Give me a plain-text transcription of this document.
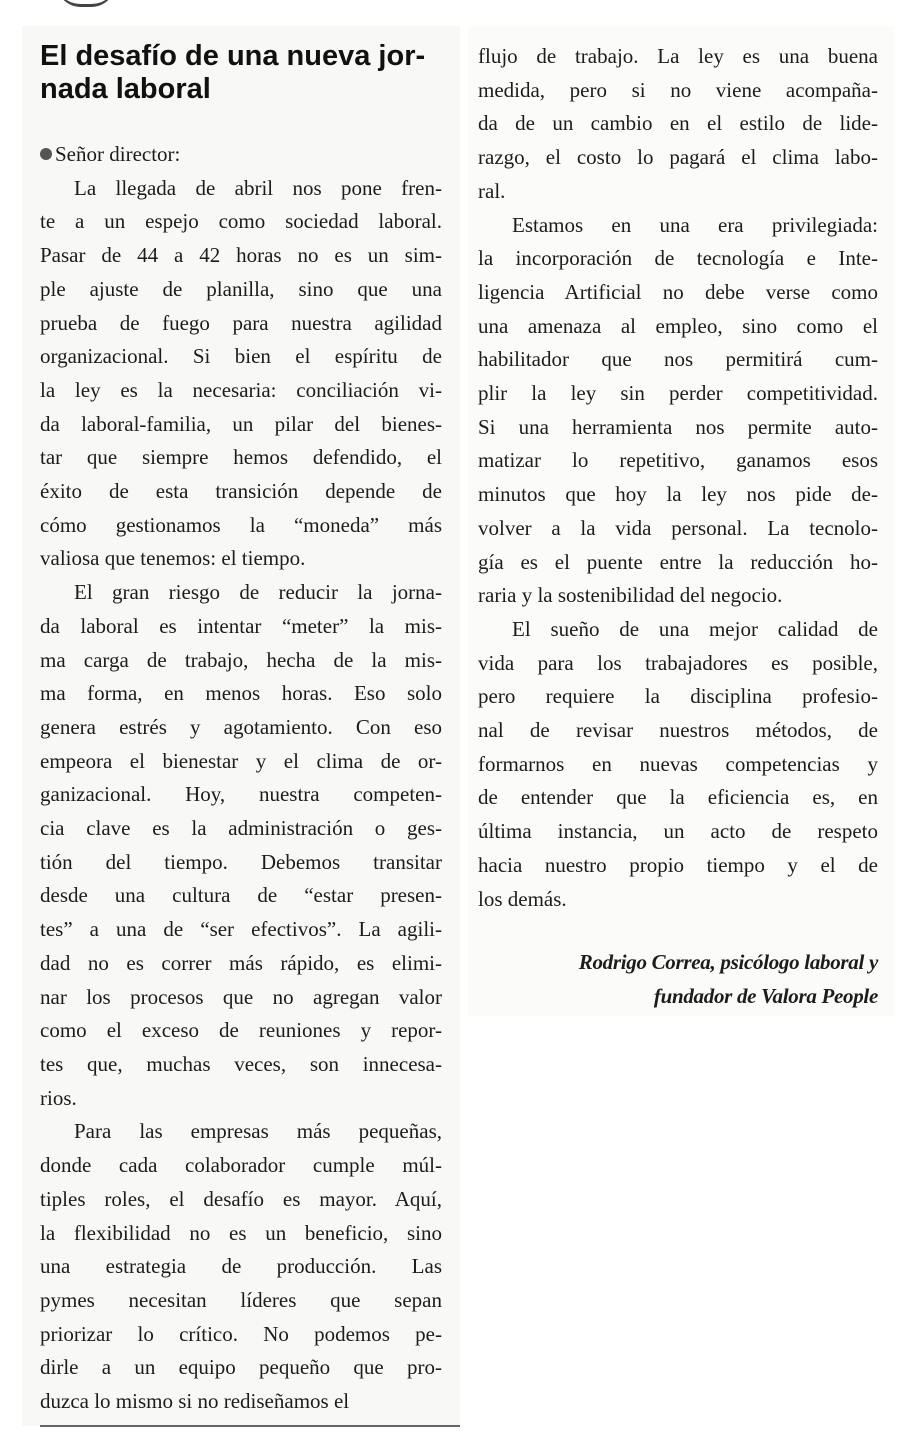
El desafío de una nueva jor-
nada laboral
Señor director:
La llegada de abril nos pone fren-
te a un espejo como sociedad laboral.
Pasar de 44 a 42 horas no es un sim-
ple ajuste de planilla, sino que una
prueba de fuego para nuestra agilidad
organizacional. Si bien el espíritu de
la ley es la necesaria: conciliación vi-
da laboral-familia, un pilar del bienes-
tar que siempre hemos defendido, el
éxito de esta transición depende de
cómo gestionamos la “moneda” más
valiosa que tenemos: el tiempo.
El gran riesgo de reducir la jorna-
da laboral es intentar “meter” la mis-
ma carga de trabajo, hecha de la mis-
ma forma, en menos horas. Eso solo
genera estrés y agotamiento. Con eso
empeora el bienestar y el clima de or-
ganizacional. Hoy, nuestra competen-
cia clave es la administración o ges-
tión del tiempo. Debemos transitar
desde una cultura de “estar presen-
tes” a una de “ser efectivos”. La agili-
dad no es correr más rápido, es elimi-
nar los procesos que no agregan valor
como el exceso de reuniones y repor-
tes que, muchas veces, son innecesa-
rios.
Para las empresas más pequeñas,
donde cada colaborador cumple múl-
tiples roles, el desafío es mayor. Aquí,
la flexibilidad no es un beneficio, sino
una estrategia de producción. Las
pymes necesitan líderes que sepan
priorizar lo crítico. No podemos pe-
dirle a un equipo pequeño que pro-
duzca lo mismo si no rediseñamos el
flujo de trabajo. La ley es una buena
medida, pero si no viene acompaña-
da de un cambio en el estilo de lide-
razgo, el costo lo pagará el clima labo-
ral.
Estamos en una era privilegiada:
la incorporación de tecnología e Inte-
ligencia Artificial no debe verse como
una amenaza al empleo, sino como el
habilitador que nos permitirá cum-
plir la ley sin perder competitividad.
Si una herramienta nos permite auto-
matizar lo repetitivo, ganamos esos
minutos que hoy la ley nos pide de-
volver a la vida personal. La tecnolo-
gía es el puente entre la reducción ho-
raria y la sostenibilidad del negocio.
El sueño de una mejor calidad de
vida para los trabajadores es posible,
pero requiere la disciplina profesio-
nal de revisar nuestros métodos, de
formarnos en nuevas competencias y
de entender que la eficiencia es, en
última instancia, un acto de respeto
hacia nuestro propio tiempo y el de
los demás.
Rodrigo Correa, psicólogo laboral y
fundador de Valora People
